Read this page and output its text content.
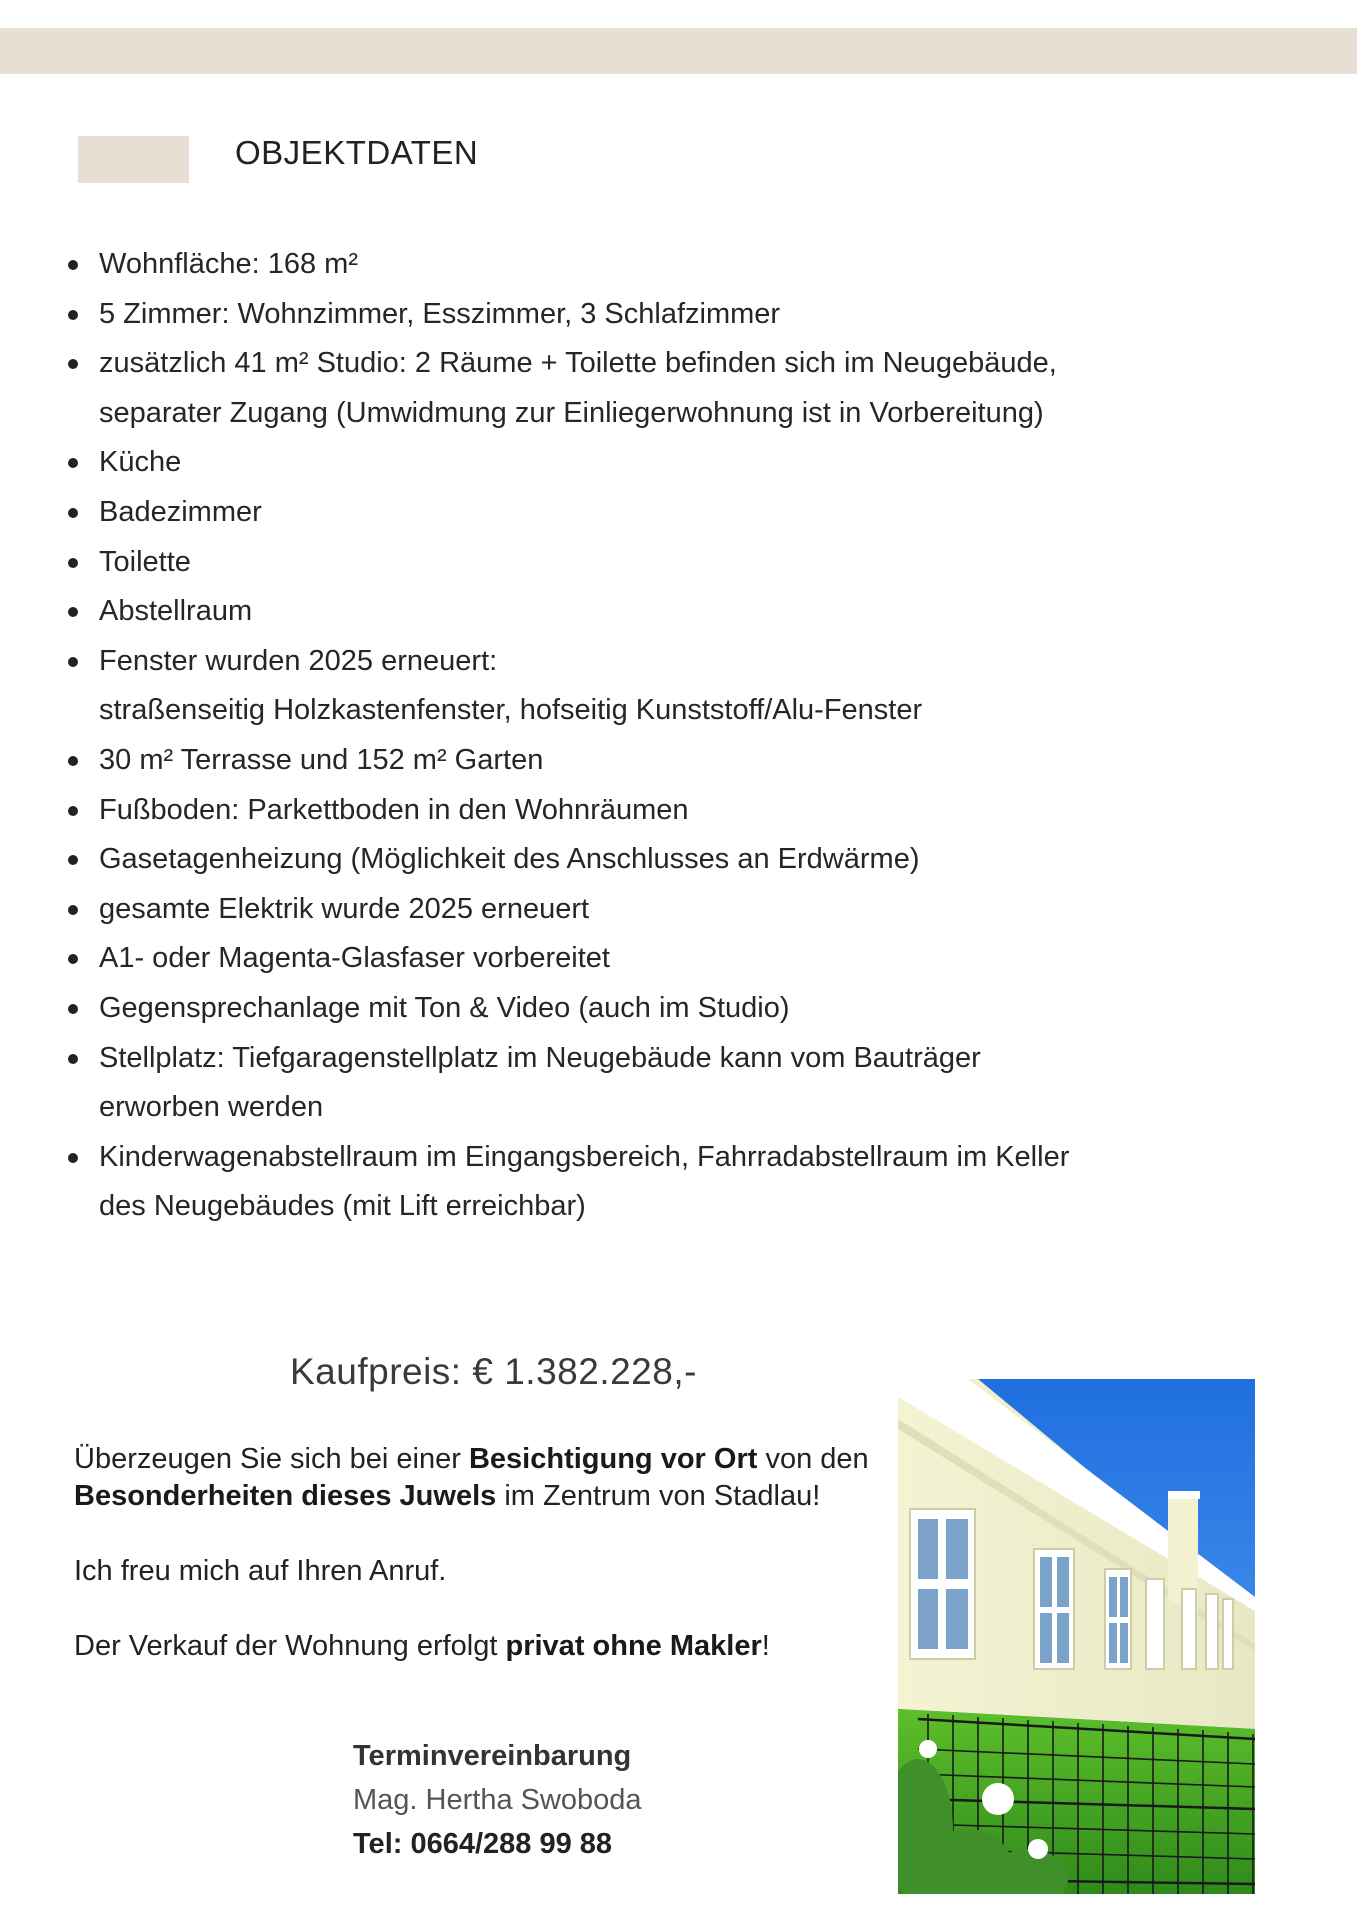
OBJEKTDATEN
Wohnfläche: 168 m²
5 Zimmer: Wohnzimmer, Esszimmer, 3 Schlafzimmer
zusätzlich 41 m² Studio: 2 Räume + Toilette befinden sich im Neugebäude, separater Zugang (Umwidmung zur Einliegerwohnung ist in Vorbereitung)
Küche
Badezimmer
Toilette
Abstellraum
Fenster wurden 2025 erneuert:
straßenseitig Holzkastenfenster, hofseitig Kunststoff/Alu-Fenster
30 m² Terrasse und 152 m² Garten
Fußboden: Parkettboden in den Wohnräumen
Gasetagenheizung (Möglichkeit des Anschlusses an Erdwärme)
gesamte Elektrik wurde 2025 erneuert
A1- oder Magenta-Glasfaser vorbereitet
Gegensprechanlage mit Ton & Video (auch im Studio)
Stellplatz: Tiefgaragenstellplatz im Neugebäude kann vom Bauträger erworben werden
Kinderwagenabstellraum im Eingangsbereich, Fahrradabstellraum im Keller des Neugebäudes (mit Lift erreichbar)
Kaufpreis: € 1.382.228,-

Überzeugen Sie sich bei einer Besichtigung vor Ort von den Besonderheiten dieses Juwels im Zentrum von Stadlau!

Ich freu mich auf Ihren Anruf.

Der Verkauf der Wohnung erfolgt privat ohne Makler!

Terminvereinbarung
Mag. Hertha Swoboda
Tel: 0664/288 99 88
